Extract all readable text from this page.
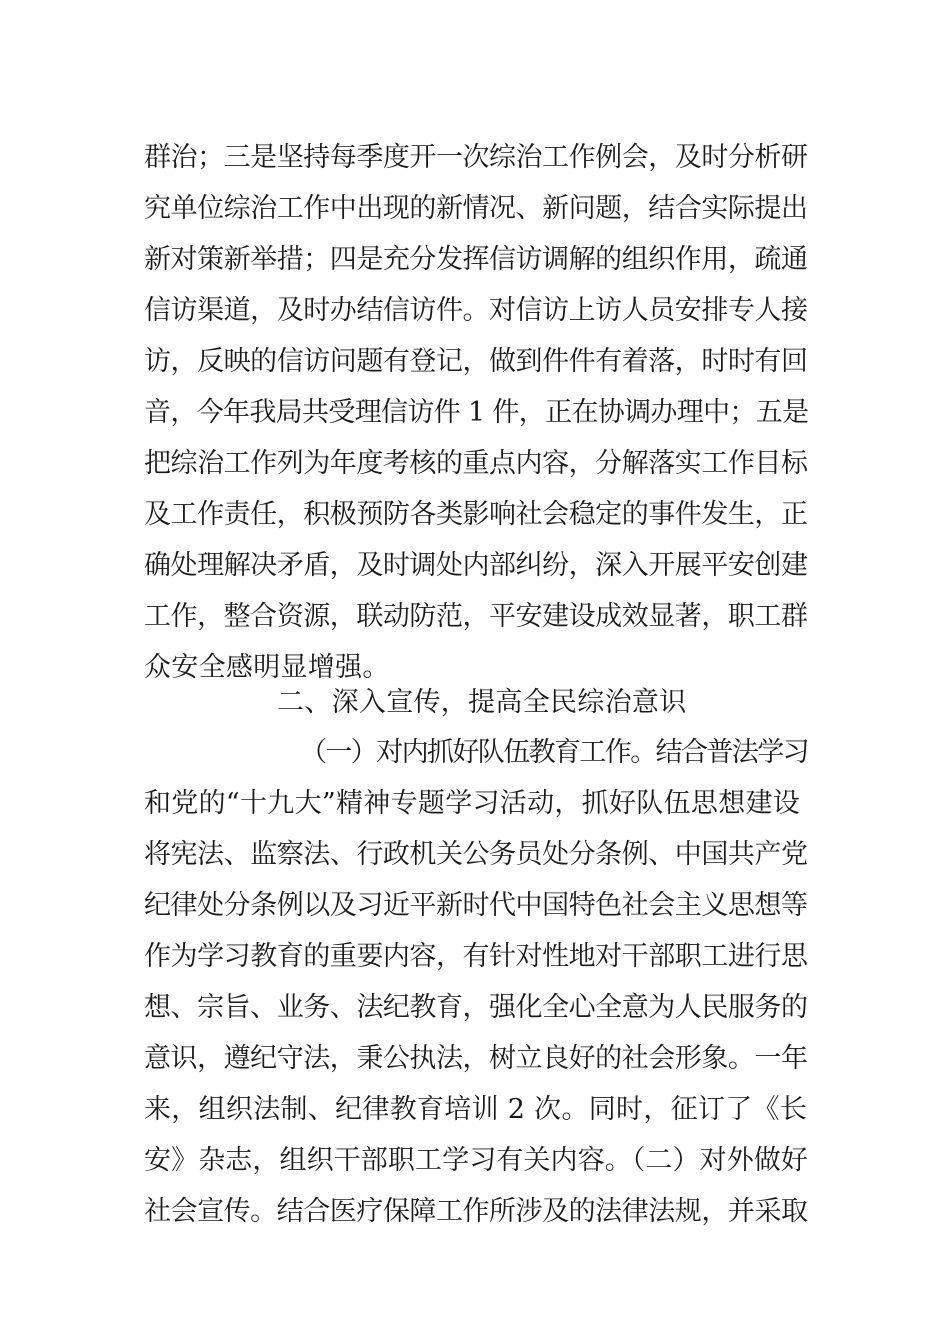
群治；三是坚持每季度开一次综治工作例会，及时分析研
究单位综治工作中出现的新情况、新问题，结合实际提出
新对策新举措；四是充分发挥信访调解的组织作用，疏通
信访渠道，及时办结信访件。对信访上访人员安排专人接
访，反映的信访问题有登记，做到件件有着落，时时有回
音，今年我局共受理信访件 1 件，正在协调办理中；五是
把综治工作列为年度考核的重点内容，分解落实工作目标
及工作责任，积极预防各类影响社会稳定的事件发生，正
确处理解决矛盾，及时调处内部纠纷，深入开展平安创建
工作，整合资源，联动防范，平安建设成效显著，职工群
众安全感明显增强。
二、深入宣传，提高全民综治意识
（一）对内抓好队伍教育工作。结合普法学习
和党的“十九大”精神专题学习活动，抓好队伍思想建设
将宪法、监察法、行政机关公务员处分条例、中国共产党
纪律处分条例以及习近平新时代中国特色社会主义思想等
作为学习教育的重要内容，有针对性地对干部职工进行思
想、宗旨、业务、法纪教育，强化全心全意为人民服务的
意识，遵纪守法，秉公执法，树立良好的社会形象。一年
来，组织法制、纪律教育培训 2 次。同时，征订了《长
安》杂志，组织干部职工学习有关内容。（二）对外做好
社会宣传。结合医疗保障工作所涉及的法律法规，并采取
